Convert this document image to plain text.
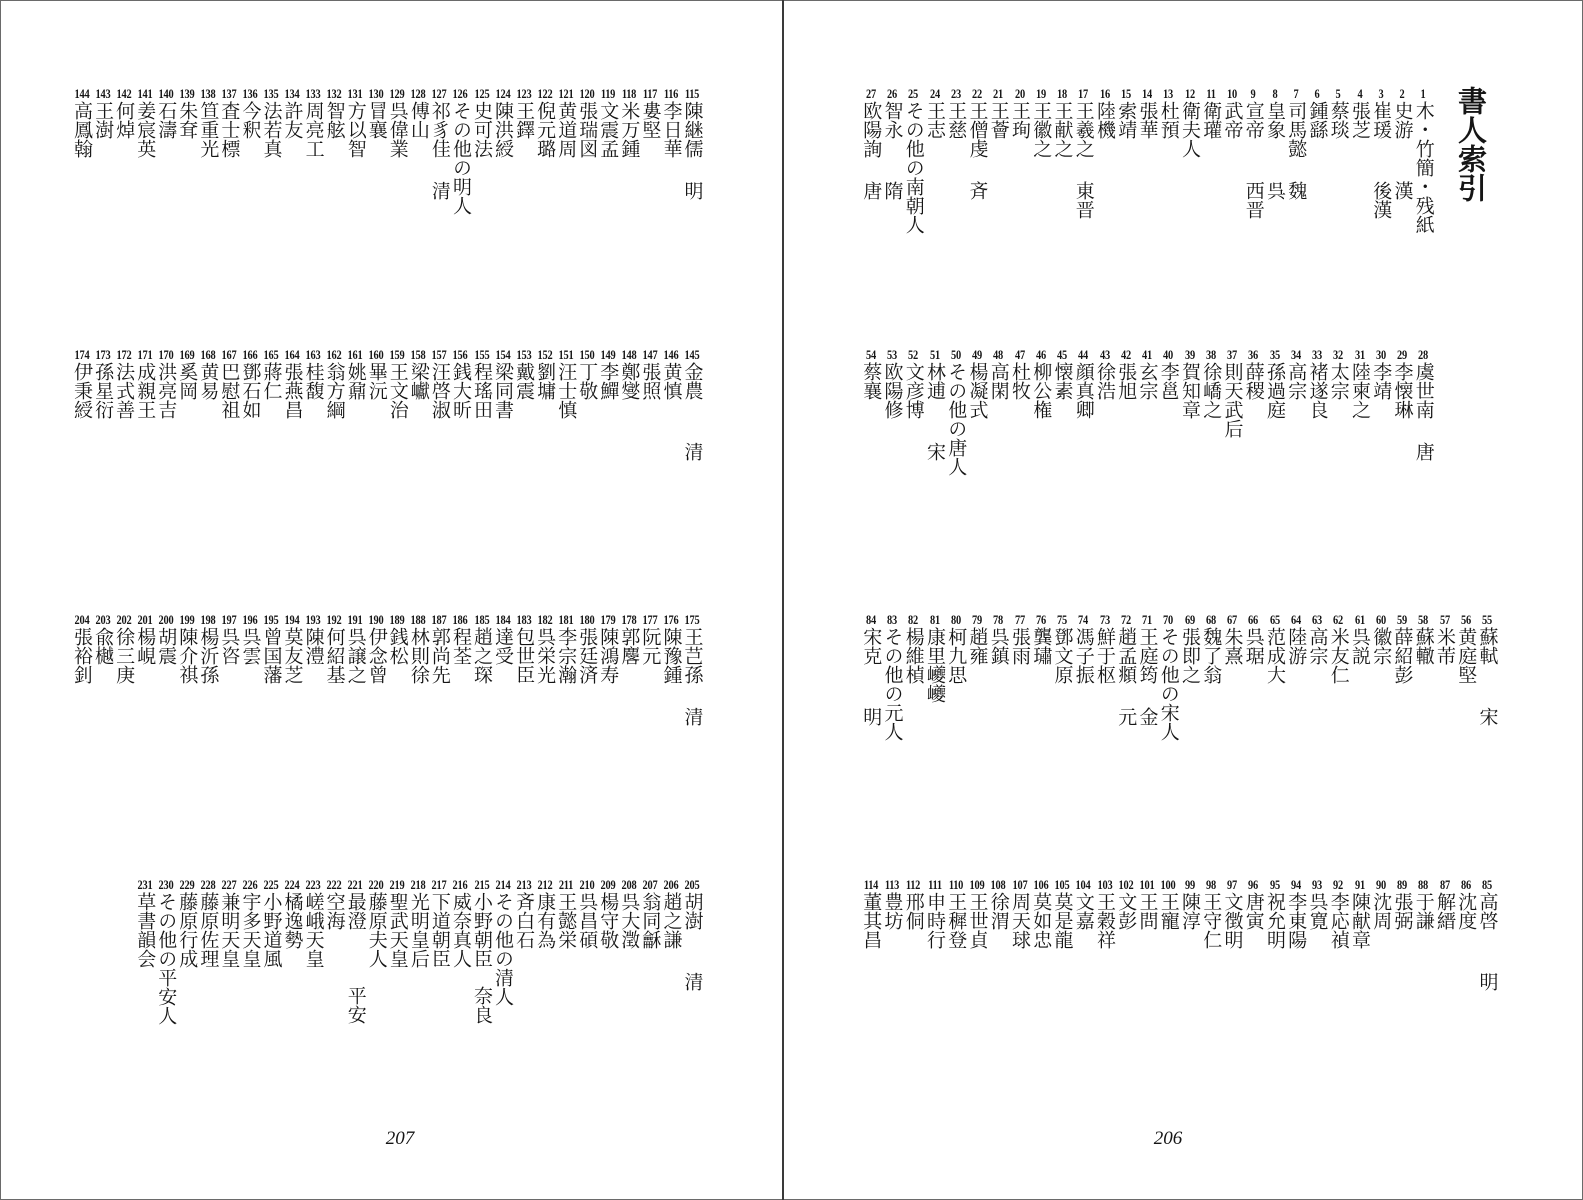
207
115
陳継儒
明
116
李日華
117
婁堅
118
米万鍾
119
文震孟
120
張瑞図
121
黄道周
122
倪元璐
123
王鐸
124
陳洪綬
125
史可法
126
その他の明人
127
祁豸佳
清
128
傅山
129
呉偉業
130
冒襄
131
方以智
132
智舷
133
周亮工
134
許友
135
法若真
136
今釈
137
査士標
138
笪重光
139
朱耷
140
石濤
141
姜宸英
142
何焯
143
王澍
144
高鳳翰
145
金農
清
146
黄慎
147
張照
148
鄭燮
149
李鱓
150
丁敬
151
汪士慎
152
劉墉
153
戴震
154
梁同書
155
程瑤田
156
銭大昕
157
汪啓淑
158
梁巘
159
王文治
160
畢沅
161
姚鼐
162
翁方綱
163
桂馥
164
張燕昌
165
蔣仁
166
鄧石如
167
巴慰祖
168
黄易
169
奚岡
170
洪亮吉
171
成親王
172
法式善
173
孫星衍
174
伊秉綬
175
王芑孫
清
176
陳豫鍾
177
阮元
178
郭麐
179
陳鴻寿
180
張廷済
181
李宗瀚
182
呉栄光
183
包世臣
184
達受
185
趙之琛
186
程荃
187
郭尚先
188
林則徐
189
銭松
190
伊念曾
191
呉譲之
192
何紹基
193
陳澧
194
莫友芝
195
曾国藩
196
呉雲
197
呉咨
198
楊沂孫
199
陳介祺
200
胡震
201
楊峴
202
徐三庚
203
兪樾
204
張裕釗
205
胡澍
清
206
趙之謙
207
翁同龢
208
呉大澂
209
楊守敬
210
呉昌碩
211
王懿栄
212
康有為
213
斉白石
214
その他の清人
215
小野朝臣
奈良
216
威奈真人
217
下道朝臣
218
光明皇后
219
聖武天皇
220
藤原夫人
221
最澄
平安
222
空海
223
嵯峨天皇
224
橘逸勢
225
小野道風
226
宇多天皇
227
兼明天皇
228
藤原佐理
229
藤原行成
230
その他の平安人
231
草書韻会
書人索引
206
1
木・竹簡・残紙
2
史游
漢
3
崔瑗
後漢
4
張芝
5
蔡琰
6
鍾繇
7
司馬懿
魏
8
皇象
呉
9
宣帝
西晋
10
武帝
11
衛瓘
12
衛夫人
13
杜預
14
張華
15
索靖
16
陸機
17
王羲之
東晋
18
王献之
19
王徽之
20
王珣
21
王薈
22
王僧虔
斉
23
王慈
24
王志
25
その他の南朝人
26
智永
隋
27
欧陽詢
唐
28
虞世南
唐
29
李懐琳
30
李靖
31
陸柬之
32
太宗
33
褚遂良
34
高宗
35
孫過庭
36
薛稷
37
則天武后
38
徐嶠之
39
賀知章
40
李邕
41
玄宗
42
張旭
43
徐浩
44
顔真卿
45
懐素
46
柳公権
47
杜牧
48
高閑
49
楊凝式
50
その他の唐人
51
林逋
宋
52
文彦博
53
欧陽修
54
蔡襄
55
蘇軾
宋
56
黄庭堅
57
米芾
58
蘇轍
59
薛紹彭
60
徽宗
61
呉説
62
米友仁
63
高宗
64
陸游
65
范成大
66
呉琚
67
朱熹
68
魏了翁
69
張即之
70
その他の宋人
71
王庭筠
金
72
趙孟頫
元
73
鮮于枢
74
馮子振
75
鄧文原
76
龔璛
77
張雨
78
呉鎮
79
趙雍
80
柯九思
81
康里巙巙
82
楊維楨
83
その他の元人
84
宋克
明
85
高啓
明
86
沈度
87
解縉
88
于謙
89
張弼
90
沈周
91
陳献章
92
李応禎
93
呉寛
94
李東陽
95
祝允明
96
唐寅
97
文徴明
98
王守仁
99
陳淳
100
王寵
101
王問
102
文彭
103
王穀祥
104
文嘉
105
莫是龍
106
莫如忠
107
周天球
108
徐渭
109
王世貞
110
王穉登
111
申時行
112
邢侗
113
豊坊
114
董其昌
